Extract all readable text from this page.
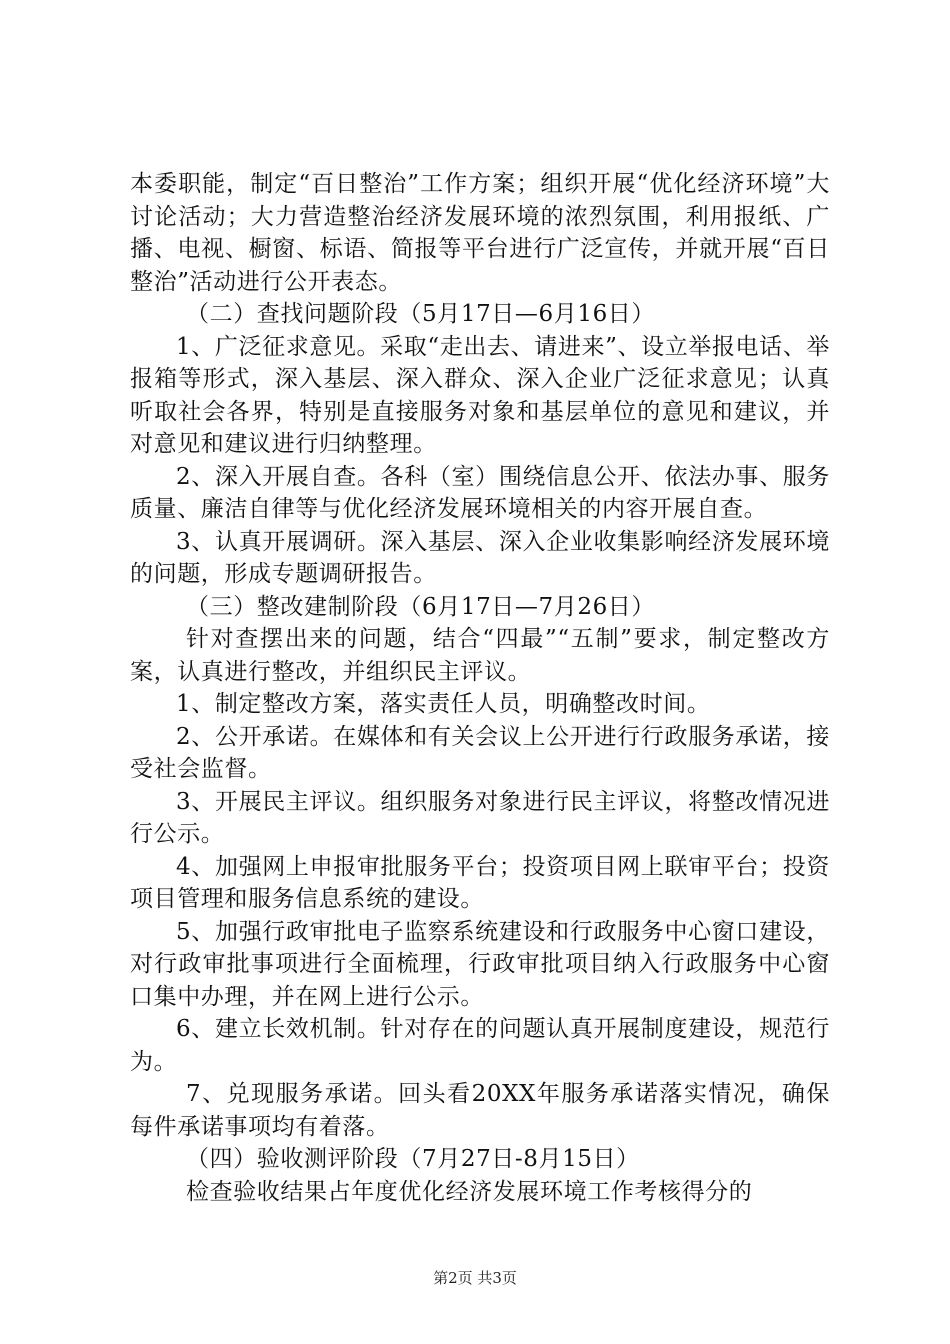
本委职能，制定“百日整治”工作方案；组织开展“优化经济环境”大讨论活动；大力营造整治经济发展环境的浓烈氛围，利用报纸、广播、电视、橱窗、标语、简报等平台进行广泛宣传，并就开展“百日整治”活动进行公开表态。

（二）查找问题阶段（5月17日—6月16日）

1、广泛征求意见。采取“走出去、请进来”、设立举报电话、举报箱等形式，深入基层、深入群众、深入企业广泛征求意见；认真听取社会各界，特别是直接服务对象和基层单位的意见和建议，并对意见和建议进行归纳整理。

2、深入开展自查。各科（室）围绕信息公开、依法办事、服务质量、廉洁自律等与优化经济发展环境相关的内容开展自查。

3、认真开展调研。深入基层、深入企业收集影响经济发展环境的问题，形成专题调研报告。

（三）整改建制阶段（6月17日—7月26日）

针对查摆出来的问题，结合“四最”“五制”要求，制定整改方案，认真进行整改，并组织民主评议。

1、制定整改方案，落实责任人员，明确整改时间。

2、公开承诺。在媒体和有关会议上公开进行行政服务承诺，接受社会监督。

3、开展民主评议。组织服务对象进行民主评议，将整改情况进行公示。

4、加强网上申报审批服务平台；投资项目网上联审平台；投资项目管理和服务信息系统的建设。

5、加强行政审批电子监察系统建设和行政服务中心窗口建设，对行政审批事项进行全面梳理，行政审批项目纳入行政服务中心窗口集中办理，并在网上进行公示。

6、建立长效机制。针对存在的问题认真开展制度建设，规范行为。

7、兑现服务承诺。回头看20XX年服务承诺落实情况，确保每件承诺事项均有着落。

（四）验收测评阶段（7月27日-8月15日）

检查验收结果占年度优化经济发展环境工作考核得分的

第2页 共3页
